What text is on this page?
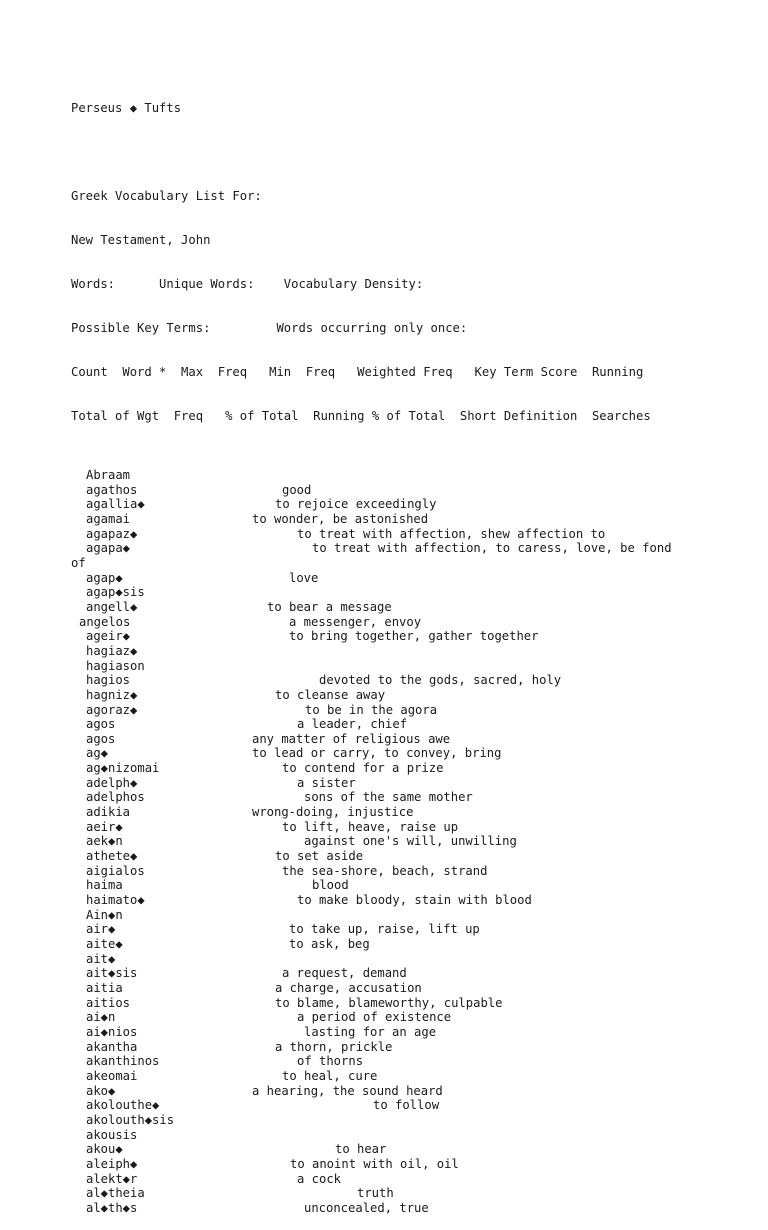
Perseus ◆ Tufts

Greek Vocabulary List For:

New Testament, John

Words:      Unique Words:    Vocabulary Density:

Possible Key Terms:         Words occurring only once:

Count  Word *  Max  Freq   Min  Freq   Weighted Freq   Key Term Score  Running

Total of Wgt  Freq   % of Total  Running % of Total  Short Definition  Searches

Abraam
agathos	good
agallia◆	to rejoice exceedingly
agamai	to wonder, be astonished
agapaz◆	to treat with affection, shew affection to
agapa◆	to treat with affection, to caress, love, be fond
of
agap◆	love
agap◆sis
angell◆	to bear a message
angelos	a messenger, envoy
ageir◆	to bring together, gather together
hagiaz◆
hagiason
hagios	devoted to the gods, sacred, holy
hagniz◆	to cleanse away
agoraz◆	to be in the agora
agos	a leader, chief
agos	any matter of religious awe
ag◆	to lead or carry, to convey, bring
ag◆nizomai	to contend for a prize
adelph◆	a sister
adelphos	sons of the same mother
adikia	wrong-doing, injustice
aeir◆	to lift, heave, raise up
aek◆n	against one's will, unwilling
athete◆	to set aside
aigialos	the sea-shore, beach, strand
haima	blood
haimato◆	to make bloody, stain with blood
Ain◆n
air◆	to take up, raise, lift up
aite◆	to ask, beg
ait◆
ait◆sis	a request, demand
aitia	a charge, accusation
aitios	to blame, blameworthy, culpable
ai◆n	a period of existence
ai◆nios	lasting for an age
akantha	a thorn, prickle
akanthinos	of thorns
akeomai	to heal, cure
ako◆	a hearing, the sound heard
akolouthe◆	to follow
akolouth◆sis
akousis
akou◆	to hear
aleiph◆	to anoint with oil, oil
alekt◆r	a cock
al◆theia	truth
al◆th◆s	unconcealed, true
